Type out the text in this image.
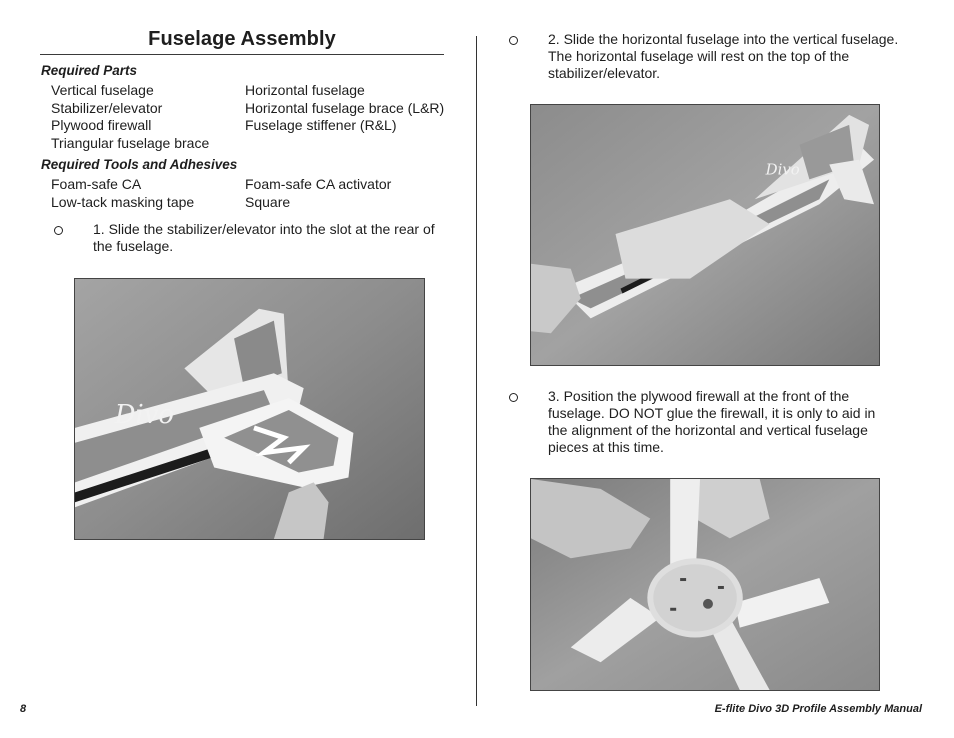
Fuselage Assembly
Required Parts
Vertical fuselage
Stabilizer/elevator
Plywood firewall
Triangular fuselage brace
Horizontal fuselage
Horizontal fuselage brace (L&R)
Fuselage stiffener (R&L)
Required Tools and Adhesives
Foam-safe CA
Low-tack masking tape
Foam-safe CA activator
Square
1. Slide the stabilizer/elevator into the slot at the rear of
the fuselage.
Divo
8
2. Slide the horizontal fuselage into the vertical fuselage.
The horizontal fuselage will rest on the top of the
stabilizer/elevator.
Divo
3. Position the plywood firewall at the front of the
fuselage. DO NOT glue the firewall, it is only to aid in
the alignment of the horizontal and vertical fuselage
pieces at this time.
E-flite Divo 3D Profile Assembly Manual
